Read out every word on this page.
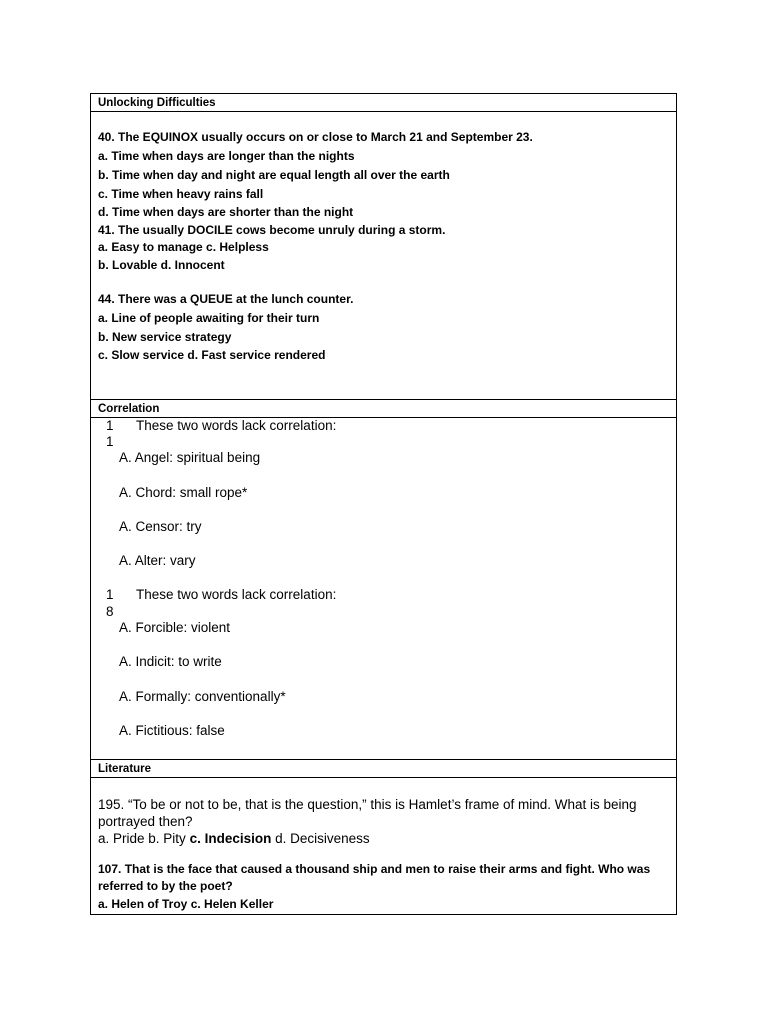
Unlocking Difficulties
40. The EQUINOX usually occurs on or close to March 21 and September 23.
a. Time when days are longer than the nights
b. Time when day and night are equal length all over the earth
c. Time when heavy rains fall
d. Time when days are shorter than the night
41. The usually DOCILE cows become unruly during a storm.
a. Easy to manage c. Helpless
b. Lovable d. Innocent
44. There was a QUEUE at the lunch counter.
a. Line of people awaiting for their turn
b. New service strategy
c. Slow service d. Fast service rendered
Correlation
1
1
These two words lack correlation:
A. Angel: spiritual being
A. Chord: small rope*
A. Censor: try
A. Alter: vary
1
8
These two words lack correlation:
A. Forcible: violent
A. Indicit: to write
A. Formally: conventionally*
A. Fictitious: false
Literature
195. “To be or not to be, that is the question,” this is Hamlet’s frame of mind. What is being portrayed then?
a. Pride b. Pity c. Indecision d. Decisiveness
107. That is the face that caused a thousand ship and men to raise their arms and fight. Who was
referred to by the poet?
a. Helen of Troy c. Helen Keller
